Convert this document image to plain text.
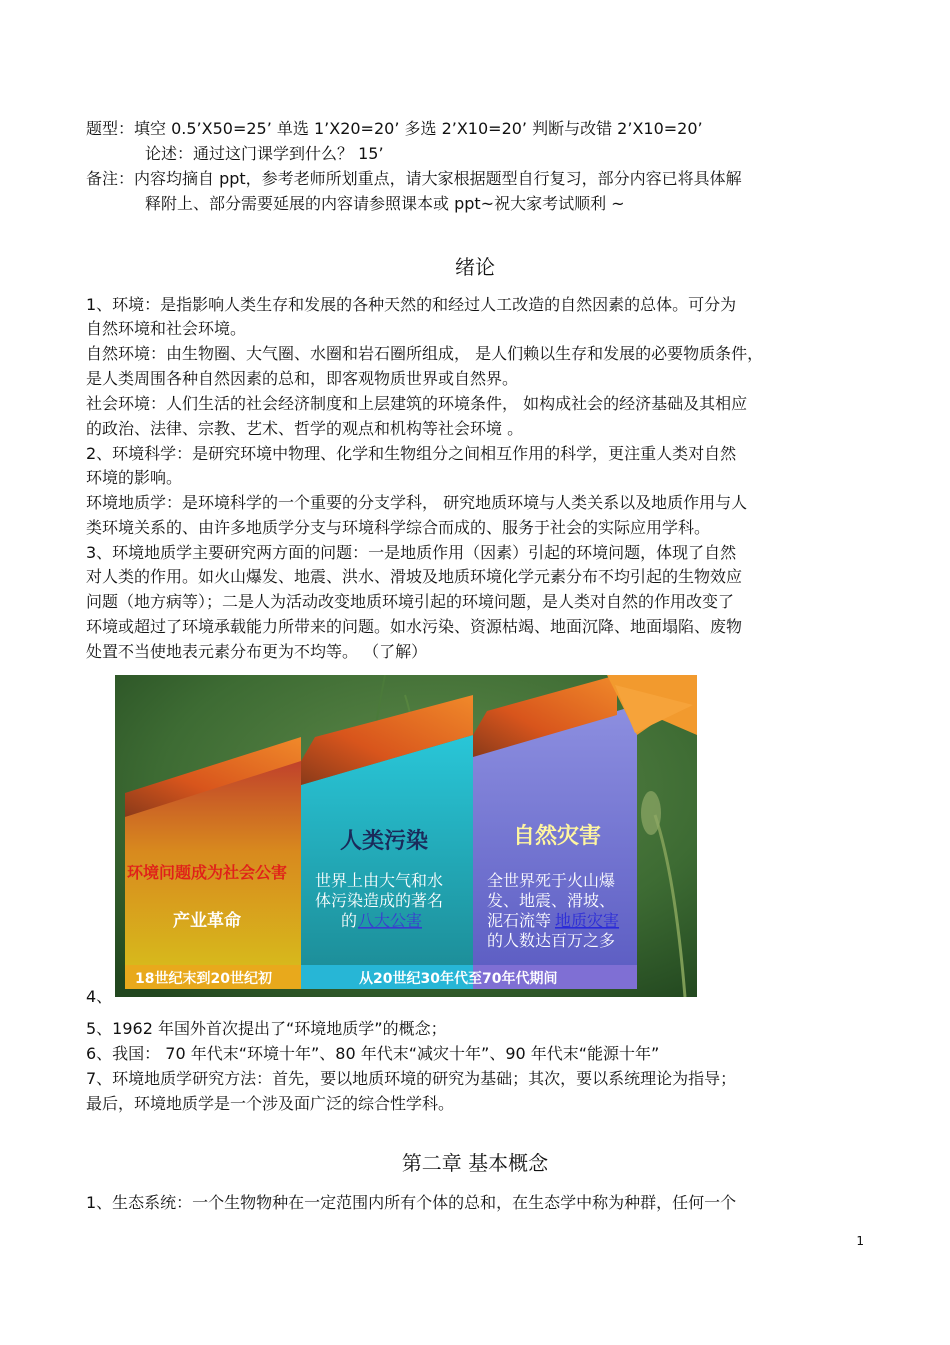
题型：填空 0.5’X50=25’ 单选 1’X20=20’ 多选 2’X10=20’ 判断与改错 2’X10=20’
论述：通过这门课学到什么？ 15’
备注：内容均摘自 ppt，参考老师所划重点，请大家根据题型自行复习，部分内容已将具体解
释附上、部分需要延展的内容请参照课本或 ppt~祝大家考试顺利 ~
绪论
1、环境：是指影响人类生存和发展的各种天然的和经过人工改造的自然因素的总体。可分为
自然环境和社会环境。
自然环境：由生物圈、大气圈、水圈和岩石圈所组成， 是人们赖以生存和发展的必要物质条件，
是人类周围各种自然因素的总和，即客观物质世界或自然界。
社会环境：人们生活的社会经济制度和上层建筑的环境条件， 如构成社会的经济基础及其相应
的政治、法律、宗教、艺术、哲学的观点和机构等社会环境 。
2、环境科学：是研究环境中物理、化学和生物组分之间相互作用的科学，更注重人类对自然
环境的影响。
环境地质学：是环境科学的一个重要的分支学科， 研究地质环境与人类关系以及地质作用与人
类环境关系的、由许多地质学分支与环境科学综合而成的、服务于社会的实际应用学科。
3、环境地质学主要研究两方面的问题：一是地质作用（因素）引起的环境问题，体现了自然
对人类的作用。如火山爆发、地震、洪水、滑坡及地质环境化学元素分布不均引起的生物效应
问题（地方病等）；二是人为活动改变地质环境引起的环境问题，是人类对自然的作用改变了
环境或超过了环境承载能力所带来的问题。如水污染、资源枯竭、地面沉降、地面塌陷、废物
处置不当使地表元素分布更为不均等。 （了解）
4、
环境问题成为社会公害
产业革命
人类污染
世界上由大气和水
体污染造成的著名
的 八大公害
自然灾害
全世界死于火山爆
发、地震、滑坡、
泥石流等 地质灾害
的人数达百万之多
18世纪末到20世纪初	从20世纪30年代至70年代期间
5、1962 年国外首次提出了“环境地质学”的概念；
6、我国： 70 年代末“环境十年”、80 年代末“减灾十年”、90 年代末“能源十年”
7、环境地质学研究方法：首先，要以地质环境的研究为基础；其次，要以系统理论为指导；
最后，环境地质学是一个涉及面广泛的综合性学科。
第二章 基本概念
1、生态系统：一个生物物种在一定范围内所有个体的总和，在生态学中称为种群，任何一个
1
